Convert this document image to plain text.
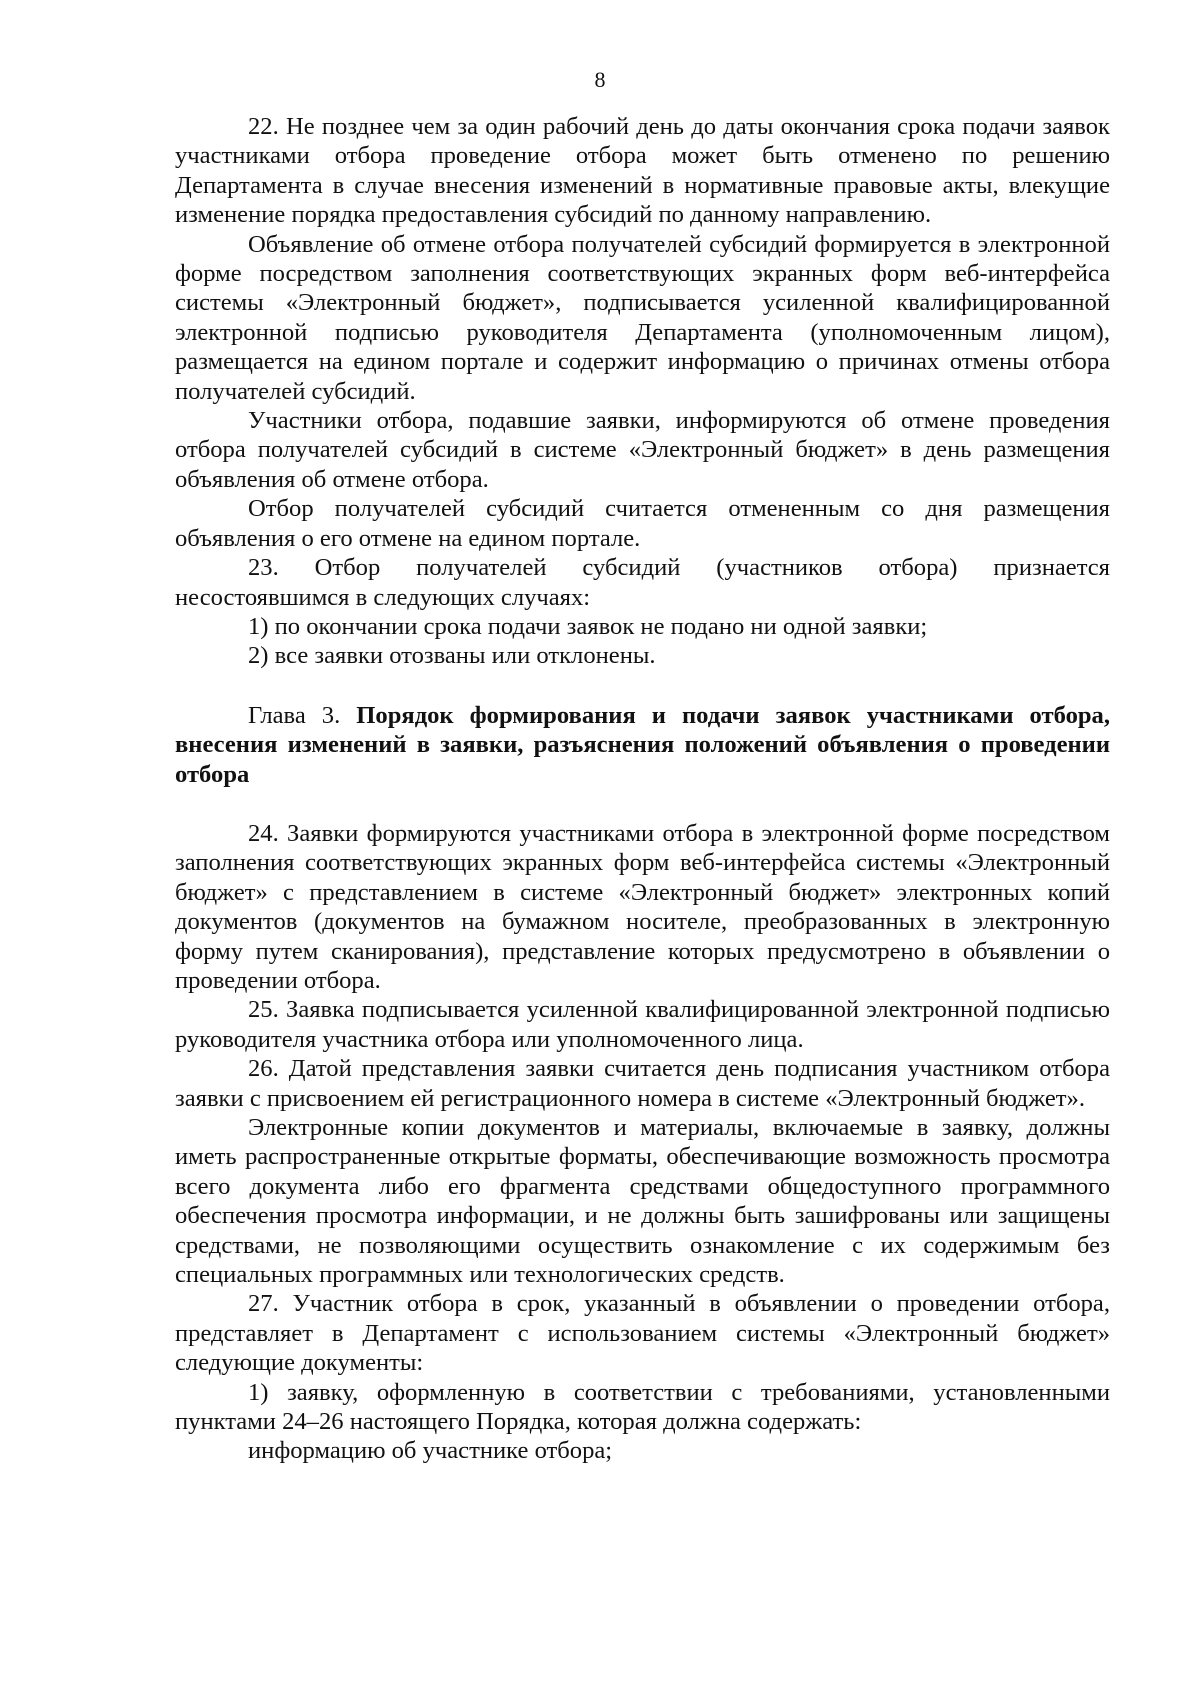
8

22. Не позднее чем за один рабочий день до даты окончания срока подачи заявок участниками отбора проведение отбора может быть отменено по решению Департамента в случае внесения изменений в нормативные правовые акты, влекущие изменение порядка предоставления субсидий по данному направлению.

Объявление об отмене отбора получателей субсидий формируется в электронной форме посредством заполнения соответствующих экранных форм веб-интерфейса системы «Электронный бюджет», подписывается усиленной квалифицированной электронной подписью руководителя Департамента (уполномоченным лицом), размещается на едином портале и содержит информацию о причинах отмены отбора получателей субсидий.

Участники отбора, подавшие заявки, информируются об отмене проведения отбора получателей субсидий в системе «Электронный бюджет» в день размещения объявления об отмене отбора.

Отбор получателей субсидий считается отмененным со дня размещения объявления о его отмене на едином портале.

23. Отбор получателей субсидий (участников отбора) признается несостоявшимся в следующих случаях:

1) по окончании срока подачи заявок не подано ни одной заявки;

2) все заявки отозваны или отклонены.

Глава 3. Порядок формирования и подачи заявок участниками отбора, внесения изменений в заявки, разъяснения положений объявления о проведении отбора

24. Заявки формируются участниками отбора в электронной форме посредством заполнения соответствующих экранных форм веб-интерфейса системы «Электронный бюджет» с представлением в системе «Электронный бюджет» электронных копий документов (документов на бумажном носителе, преобразованных в электронную форму путем сканирования), представление которых предусмотрено в объявлении о проведении отбора.

25. Заявка подписывается усиленной квалифицированной электронной подписью руководителя участника отбора или уполномоченного лица.

26. Датой представления заявки считается день подписания участником отбора заявки с присвоением ей регистрационного номера в системе «Электронный бюджет».

Электронные копии документов и материалы, включаемые в заявку, должны иметь распространенные открытые форматы, обеспечивающие возможность просмотра всего документа либо его фрагмента средствами общедоступного программного обеспечения просмотра информации, и не должны быть зашифрованы или защищены средствами, не позволяющими осуществить ознакомление с их содержимым без специальных программных или технологических средств.

27. Участник отбора в срок, указанный в объявлении о проведении отбора, представляет в Департамент с использованием системы «Электронный бюджет» следующие документы:

1) заявку, оформленную в соответствии с требованиями, установленными пунктами 24–26 настоящего Порядка, которая должна содержать:

информацию об участнике отбора;
